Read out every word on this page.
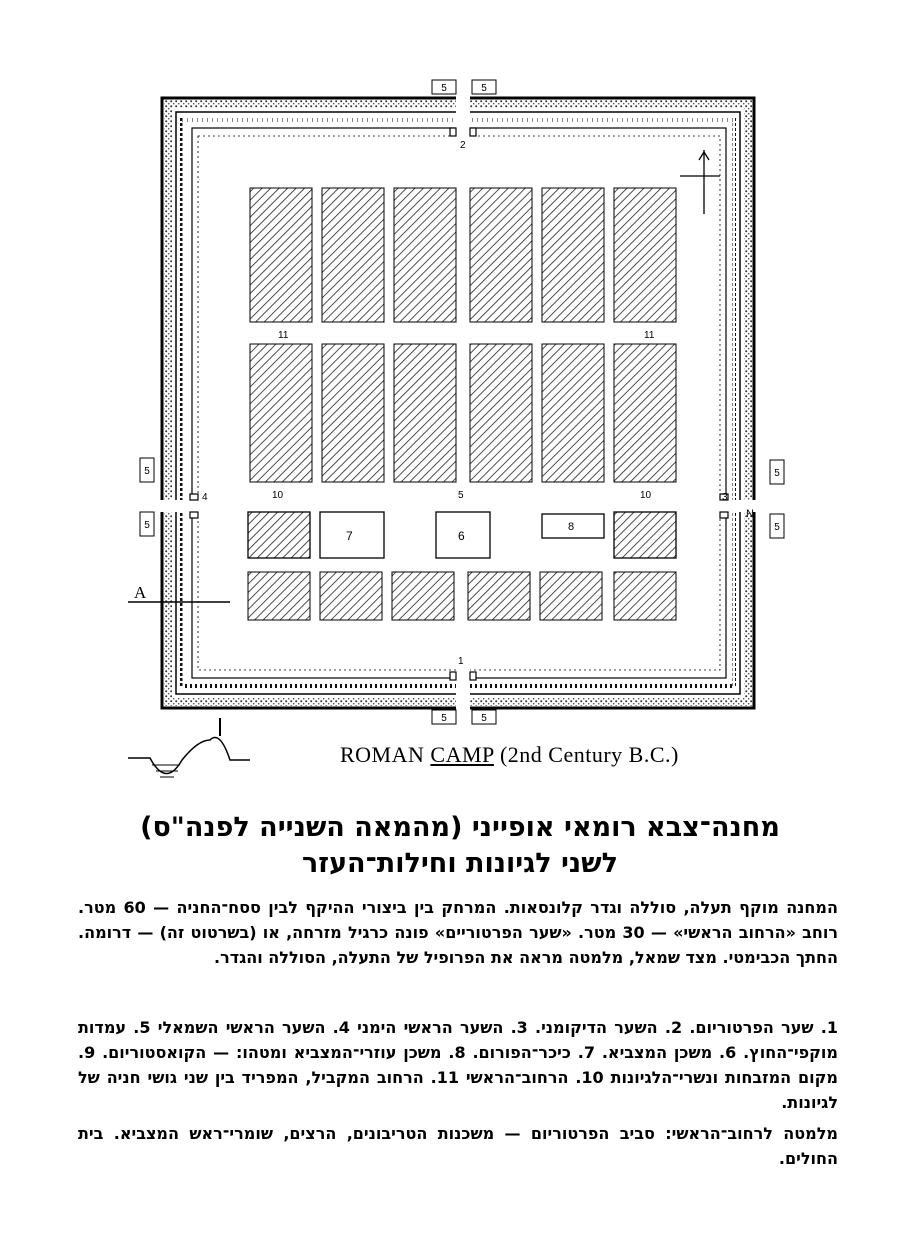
5	5
5	5
5
5
5
5
A
2
1
3
4	5
10	10
11	11
7	6
8
N
ROMAN CAMP (2nd Century B.C.)
מחנה־צבא רומאי אופייני (מהמאה השנייה לפנה"ס)
לשני לגיונות וחילות־העזר
המחנה מוקף תעלה, סוללה וגדר קלונסאות. המרחק בין ביצורי ההיקף לבין ססח־החניה — 60 מטר. רוחב «הרחוב הראשי» — 30 מטר. «שער הפרטוריים» פונה כרגיל מזרחה, או (בשרטוט זה) — דרומה. החתך הכבימטי. מצד שמאל, מלמטה מראה את הפרופיל של התעלה, הסוללה והגדר.
1. שער הפרטוריום. 2. השער הדיקומני. 3. השער הראשי הימני 4. השער הראשי השמאלי 5. עמדות מוקפי־החוץ. 6. משכן המצביא. 7. כיכר־הפורום. 8. משכן עוזרי־המצביא ומטהו: — הקואסטוריום. 9. מקום המזבחות ונשרי־הלגיונות 10. הרחוב־הראשי 11. הרחוב המקביל, המפריד בין שני גושי חניה של לגיונות.
מלמטה לרחוב־הראשי: סביב הפרטוריום — משכנות הטריבונים, הרצים, שומרי־ראש המצביא. בית החולים.
